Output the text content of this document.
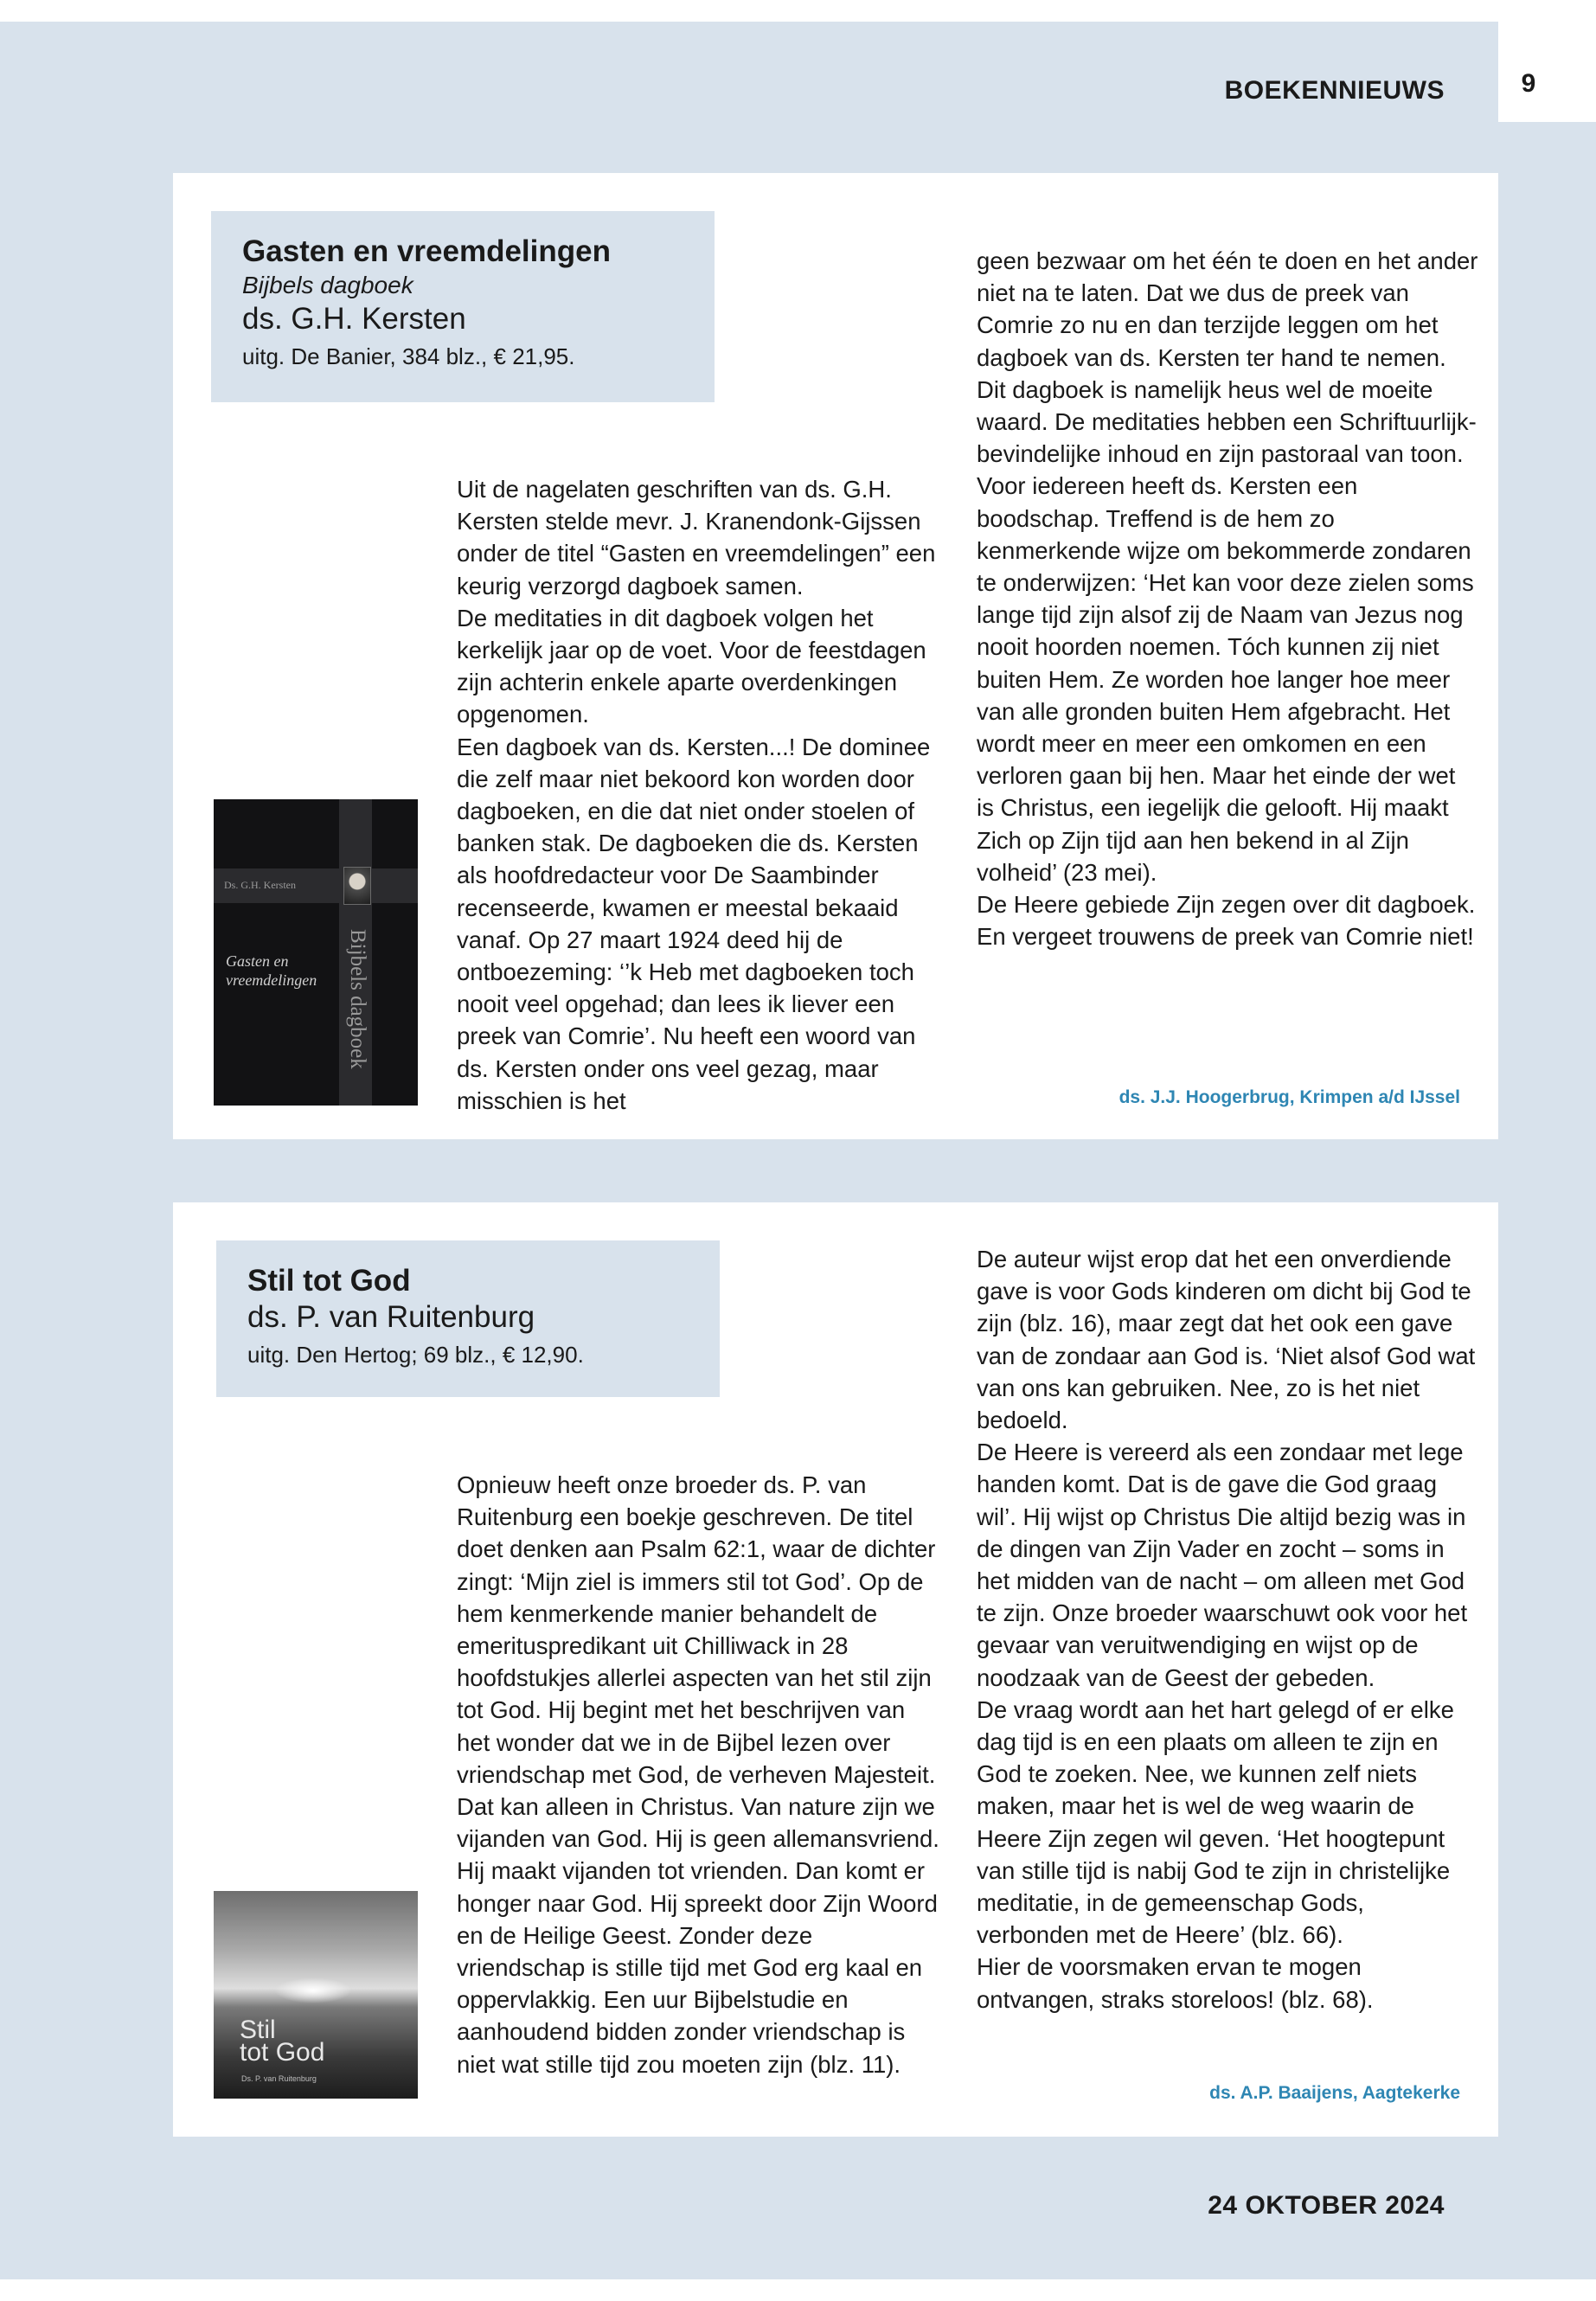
9
BOEKENNIEUWS
Gasten en vreemdelingen
Bijbels dagboek
ds. G.H. Kersten
uitg. De Banier, 384 blz., € 21,95.
Ds. G.H. Kersten
Gasten en
vreemdelingen Bijbels dagboek

Uit de nagelaten geschriften van ds. G.H. Kersten stelde mevr. J. Kranendonk-Gijssen onder de titel “Gasten en vreemdelingen” een keurig verzorgd dagboek samen.

De meditaties in dit dagboek volgen het kerkelijk jaar op de voet. Voor de feestdagen zijn achterin enkele aparte overdenkingen opgenomen.

Een dagboek van ds. Kersten...! De dominee die zelf maar niet bekoord kon worden door dagboeken, en die dat niet onder stoelen of banken stak. De dagboeken die ds. Kersten als hoofdredacteur voor De Saambinder recenseerde, kwamen er meestal bekaaid vanaf. Op 27 maart 1924 deed hij de ontboezeming: ‘’k Heb met dagboeken toch nooit veel opgehad; dan lees ik liever een preek van Comrie’. Nu heeft een woord van ds. Kersten onder ons veel gezag, maar misschien is het

geen bezwaar om het één te doen en het ander niet na te laten. Dat we dus de preek van Comrie zo nu en dan terzijde leggen om het dagboek van ds. Kersten ter hand te nemen.

Dit dagboek is namelijk heus wel de moeite waard. De meditaties hebben een Schriftuurlijk-bevindelijke inhoud en zijn pastoraal van toon. Voor iedereen heeft ds. Kersten een boodschap. Treffend is de hem zo kenmerkende wijze om bekommerde zondaren te onderwijzen: ‘Het kan voor deze zielen soms lange tijd zijn alsof zij de Naam van Jezus nog nooit hoorden noemen. Tóch kunnen zij niet buiten Hem. Ze worden hoe langer hoe meer van alle gronden buiten Hem afgebracht. Het wordt meer en meer een omkomen en een verloren gaan bij hen. Maar het einde der wet is Christus, een iegelijk die gelooft. Hij maakt Zich op Zijn tijd aan hen bekend in al Zijn volheid’ (23 mei).

De Heere gebiede Zijn zegen over dit dagboek. En vergeet trouwens de preek van Comrie niet!

ds. J.J. Hoogerbrug, Krimpen a/d IJssel
Stil tot God
ds. P. van Ruitenburg
uitg. Den Hertog; 69 blz., € 12,90.
Stil
tot God
Ds. P. van Ruitenburg

Opnieuw heeft onze broeder ds. P. van Ruitenburg een boekje geschreven. De titel doet denken aan Psalm 62:1, waar de dichter zingt: ‘Mijn ziel is immers stil tot God’. Op de hem kenmerkende manier behandelt de emerituspredikant uit Chilliwack in 28 hoofdstukjes allerlei aspecten van het stil zijn tot God. Hij begint met het beschrijven van het wonder dat we in de Bijbel lezen over vriendschap met God, de verheven Majesteit. Dat kan alleen in Christus. Van nature zijn we vijanden van God. Hij is geen allemansvriend. Hij maakt vijanden tot vrienden. Dan komt er honger naar God. Hij spreekt door Zijn Woord en de Heilige Geest. Zonder deze vriendschap is stille tijd met God erg kaal en oppervlakkig. Een uur Bijbelstudie en aanhoudend bidden zonder vriendschap is niet wat stille tijd zou moeten zijn (blz. 11).

De auteur wijst erop dat het een onverdiende gave is voor Gods kinderen om dicht bij God te zijn (blz. 16), maar zegt dat het ook een gave van de zondaar aan God is. ‘Niet alsof God wat van ons kan gebruiken. Nee, zo is het niet bedoeld.

De Heere is vereerd als een zondaar met lege handen komt. Dat is de gave die God graag wil’. Hij wijst op Christus Die altijd bezig was in de dingen van Zijn Vader en zocht – soms in het midden van de nacht – om alleen met God te zijn. Onze broeder waarschuwt ook voor het gevaar van veruitwendiging en wijst op de noodzaak van de Geest der gebeden.

De vraag wordt aan het hart gelegd of er elke dag tijd is en een plaats om alleen te zijn en God te zoeken. Nee, we kunnen zelf niets maken, maar het is wel de weg waarin de Heere Zijn zegen wil geven. ‘Het hoogtepunt van stille tijd is nabij God te zijn in christelijke meditatie, in de gemeenschap Gods, verbonden met de Heere’ (blz. 66).

Hier de voorsmaken ervan te mogen ontvangen, straks storeloos! (blz. 68).

ds. A.P. Baaijens, Aagtekerke
24 OKTOBER 2024
